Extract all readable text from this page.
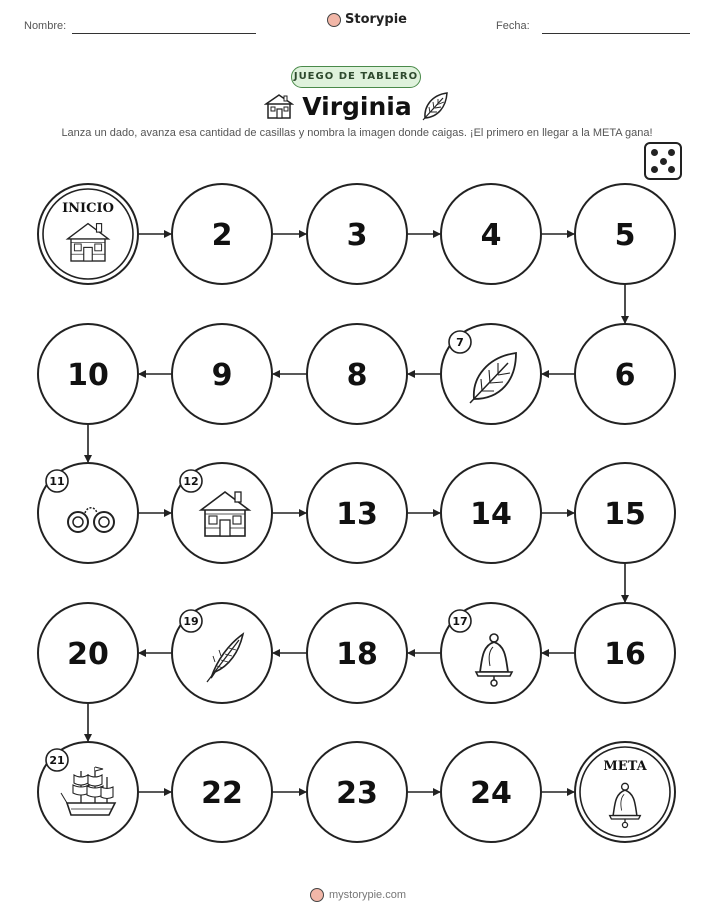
Nombre:	Storypie	Fecha:
JUEGO DE TABLERO
Virginia
Lanza un dado, avanza esa cantidad de casillas y nombra la imagen donde caigas. ¡El primero en llegar a la META gana!
INICIO
2	3	4	5
6
7
8
9
10
11	12
13	14	15
16
17
18
19
20
21
22	23	24
META
mystorypie.com
